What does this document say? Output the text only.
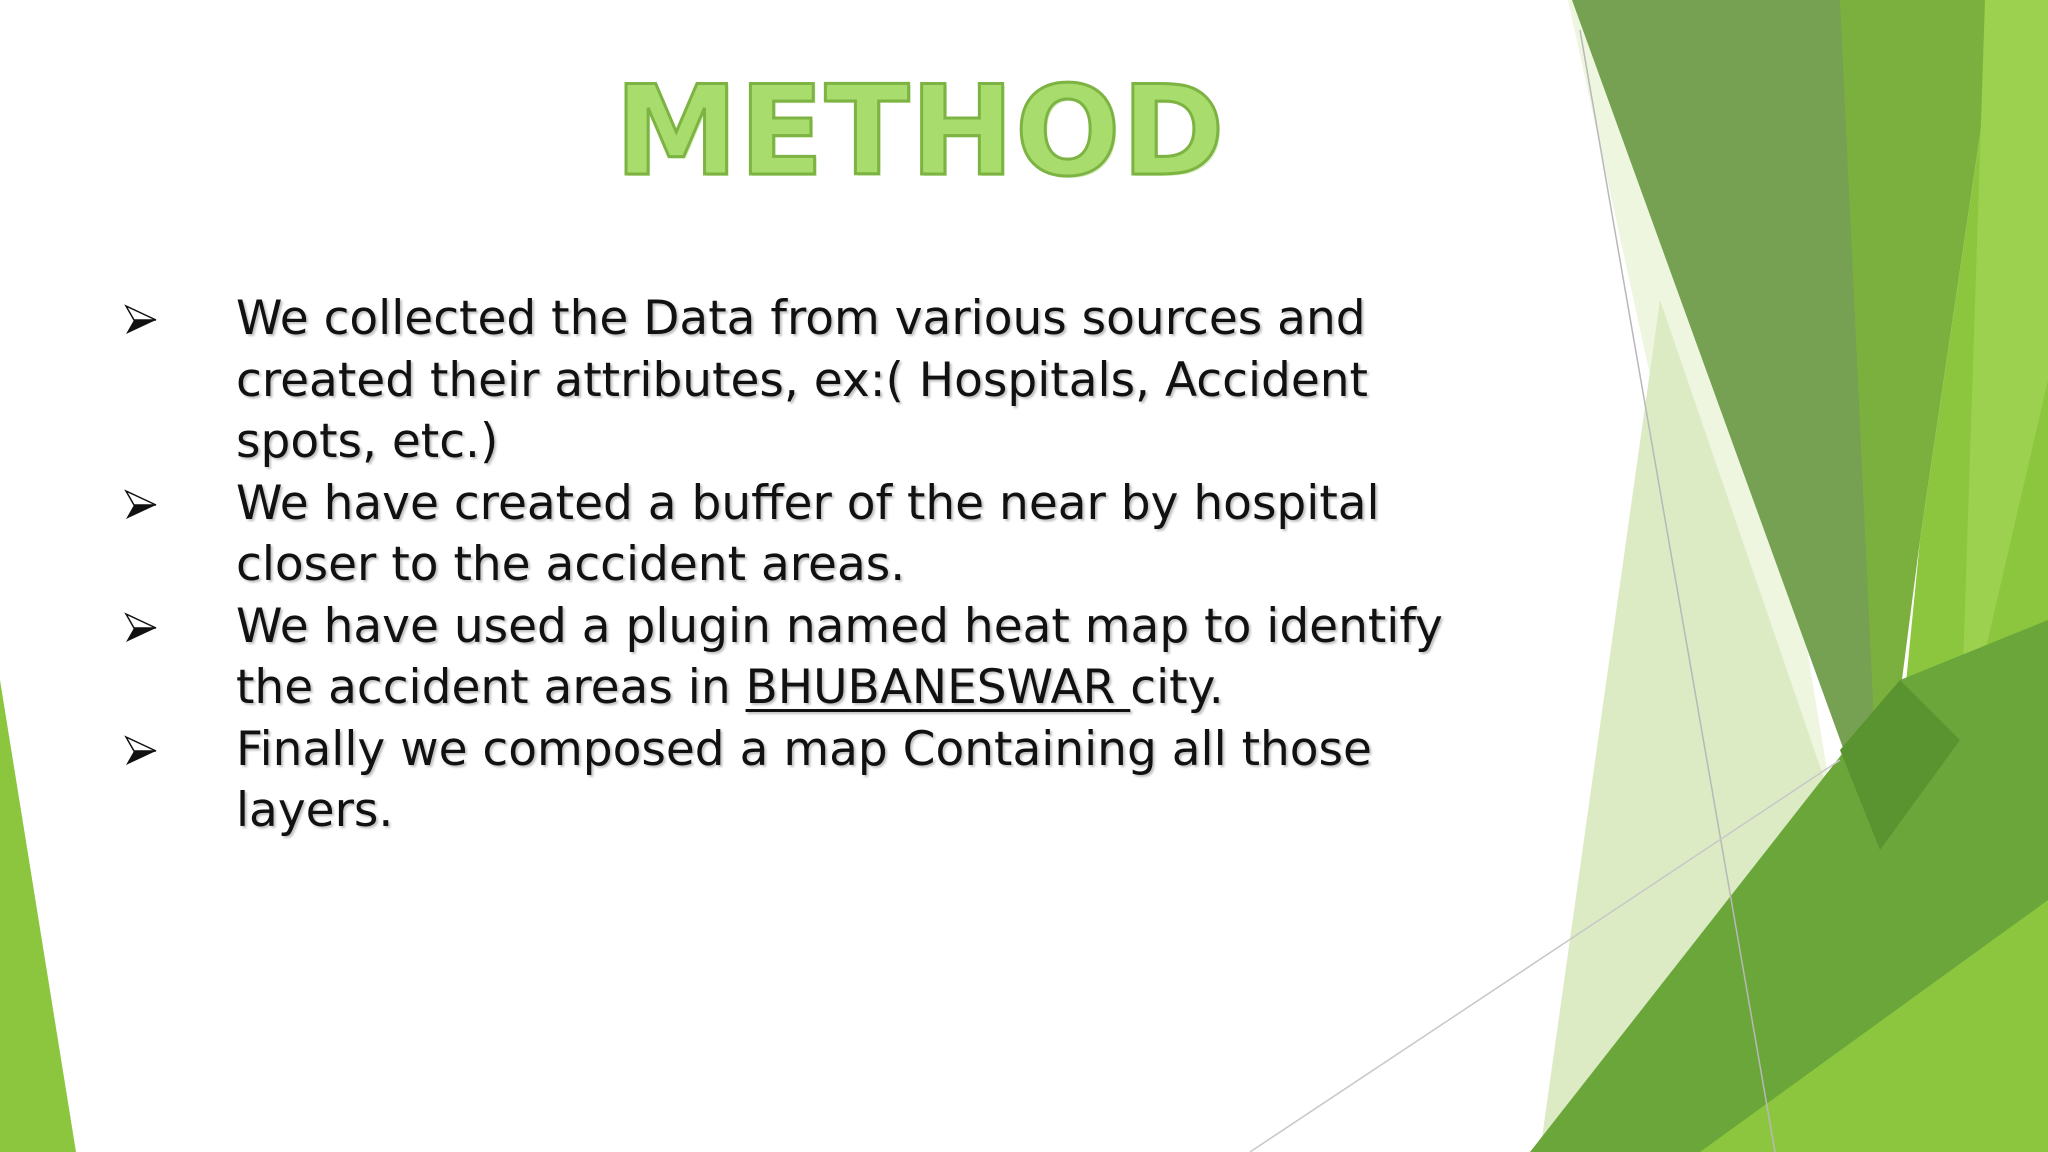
METHOD
We collected the Data from various sources and created their attributes, ex:( Hospitals, Accident spots, etc.)
We have created a buffer of the near by hospital closer to the accident areas.
We have used a plugin named heat map to identify the accident areas in BHUBANESWAR city.
Finally we composed a map Containing all those layers.
